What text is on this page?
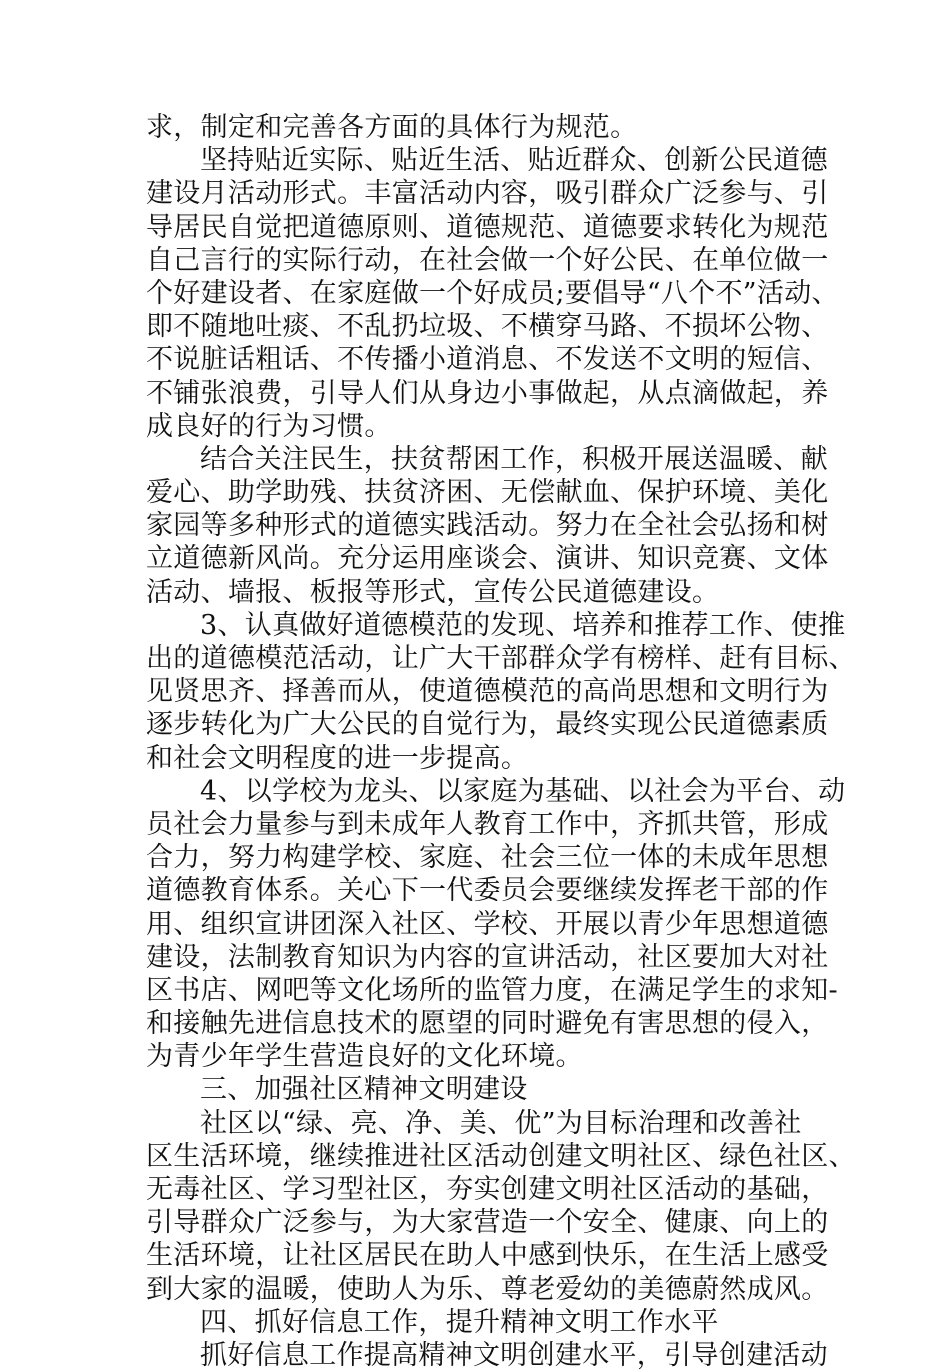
求，制定和完善各方面的具体行为规范。
坚持贴近实际、贴近生活、贴近群众、创新公民道德
建设月活动形式。丰富活动内容，吸引群众广泛参与、引
导居民自觉把道德原则、道德规范、道德要求转化为规范
自己言行的实际行动，在社会做一个好公民、在单位做一
个好建设者、在家庭做一个好成员;要倡导“八个不”活动、
即不随地吐痰、不乱扔垃圾、不横穿马路、不损坏公物、
不说脏话粗话、不传播小道消息、不发送不文明的短信、
不铺张浪费，引导人们从身边小事做起，从点滴做起，养
成良好的行为习惯。
结合关注民生，扶贫帮困工作，积极开展送温暖、献
爱心、助学助残、扶贫济困、无偿献血、保护环境、美化
家园等多种形式的道德实践活动。努力在全社会弘扬和树
立道德新风尚。充分运用座谈会、演讲、知识竞赛、文体
活动、墙报、板报等形式，宣传公民道德建设。
3、认真做好道德模范的发现、培养和推荐工作、使推
出的道德模范活动，让广大干部群众学有榜样、赶有目标、
见贤思齐、择善而从，使道德模范的高尚思想和文明行为
逐步转化为广大公民的自觉行为，最终实现公民道德素质
和社会文明程度的进一步提高。
4、以学校为龙头、以家庭为基础、以社会为平台、动
员社会力量参与到未成年人教育工作中，齐抓共管，形成
合力，努力构建学校、家庭、社会三位一体的未成年思想
道德教育体系。关心下一代委员会要继续发挥老干部的作
用、组织宣讲团深入社区、学校、开展以青少年思想道德
建设，法制教育知识为内容的宣讲活动，社区要加大对社
区书店、网吧等文化场所的监管力度，在满足学生的求知-
和接触先进信息技术的愿望的同时避免有害思想的侵入，
为青少年学生营造良好的文化环境。
三、加强社区精神文明建设
社区以“绿、亮、净、美、优”为目标治理和改善社
区生活环境，继续推进社区活动创建文明社区、绿色社区、
无毒社区、学习型社区，夯实创建文明社区活动的基础，
引导群众广泛参与，为大家营造一个安全、健康、向上的
生活环境，让社区居民在助人中感到快乐，在生活上感受
到大家的温暖，使助人为乐、尊老爱幼的美德蔚然成风。
四、抓好信息工作，提升精神文明工作水平
抓好信息工作提高精神文明创建水平，引导创建活动
